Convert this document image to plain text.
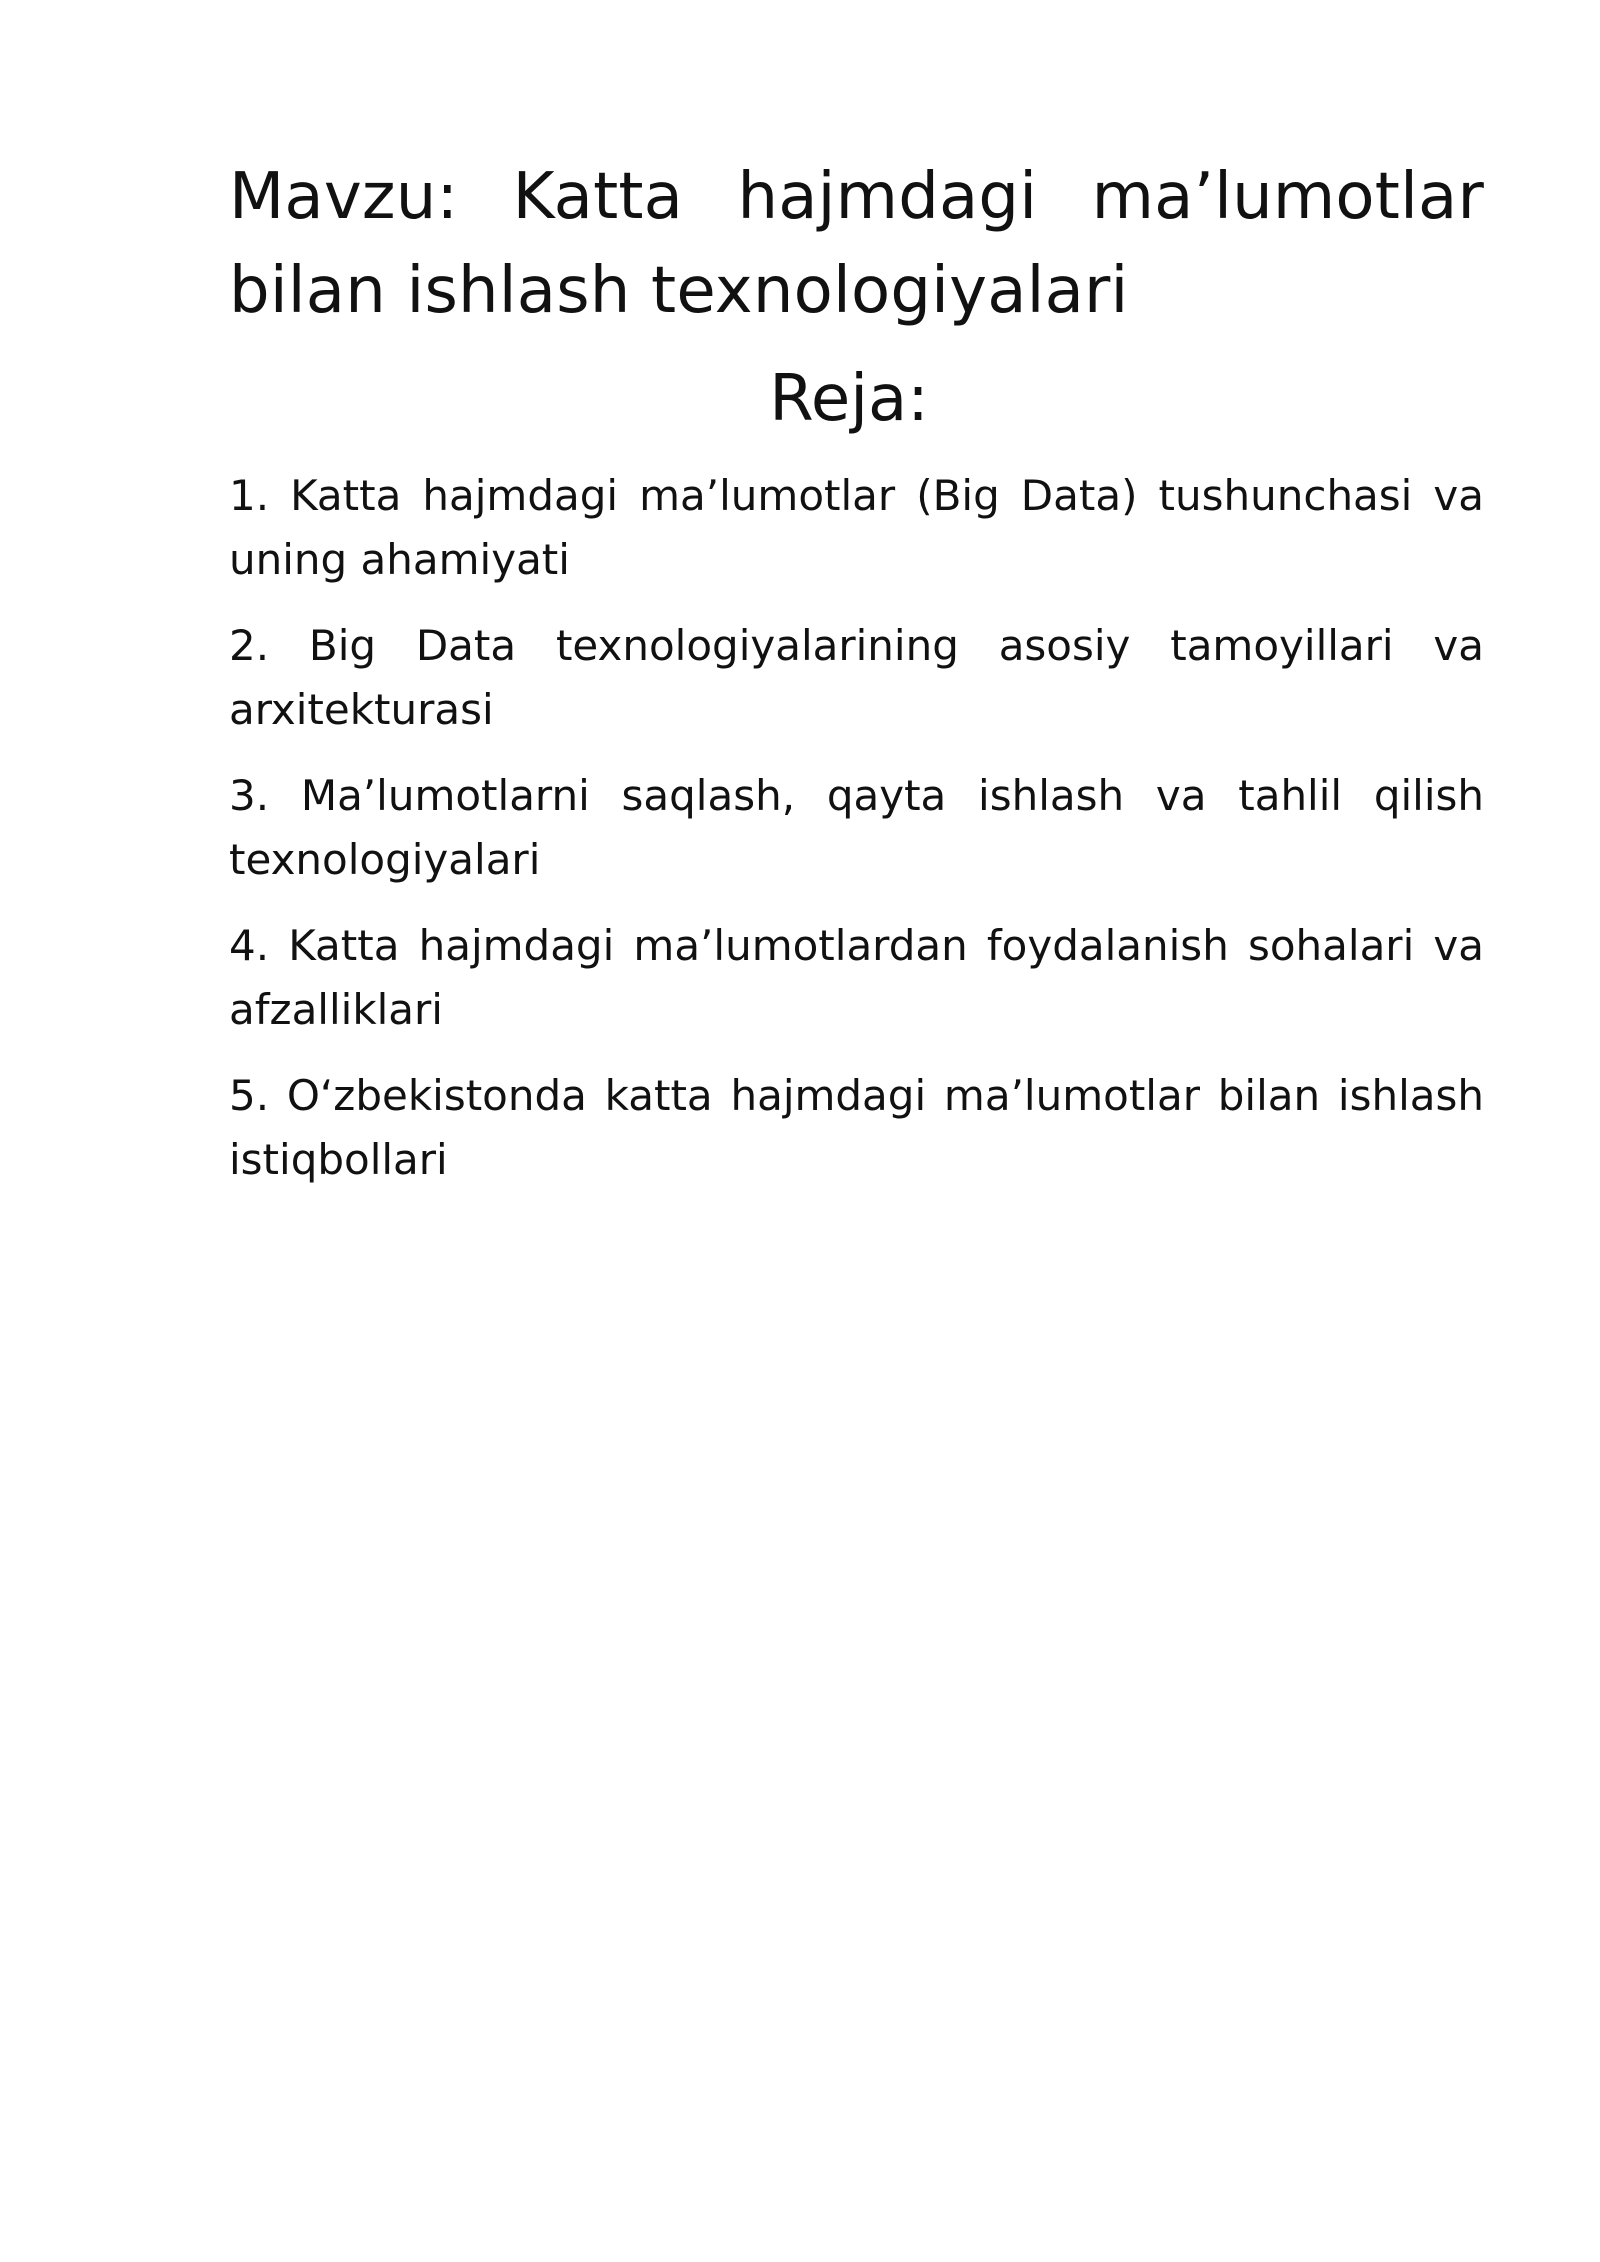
Mavzu: Katta hajmdagi ma’lumotlar bilan ishlash texnologiyalari
Reja:
1. Katta hajmdagi ma’lumotlar (Big Data) tushunchasi va uning ahamiyati
2. Big Data texnologiyalarining asosiy tamoyillari va arxitekturasi
3. Ma’lumotlarni saqlash, qayta ishlash va tahlil qilish texnologiyalari
4. Katta hajmdagi ma’lumotlardan foydalanish sohalari va afzalliklari
5. O‘zbekistonda katta hajmdagi ma’lumotlar bilan ishlash istiqbollari
